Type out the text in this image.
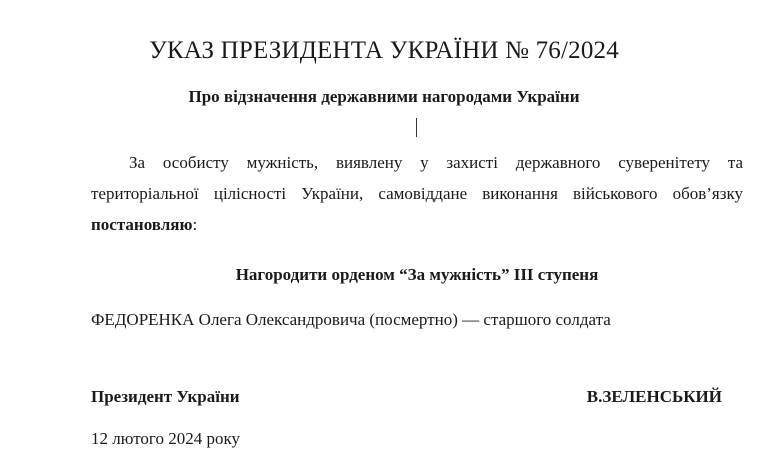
УКАЗ ПРЕЗИДЕНТА УКРАЇНИ № 76/2024
Про відзначення державними нагородами України

За особисту мужність, виявлену у захисті державного суверенітету та територіальної цілісності України, самовіддане виконання військового обов’язку постановляю:

Нагородити орденом “За мужність” ІІІ ступеня

ФЕДОРЕНКА Олега Олександровича (посмертно) — старшого солдата

Президент України	В.ЗЕЛЕНСЬКИЙ

12 лютого 2024 року
